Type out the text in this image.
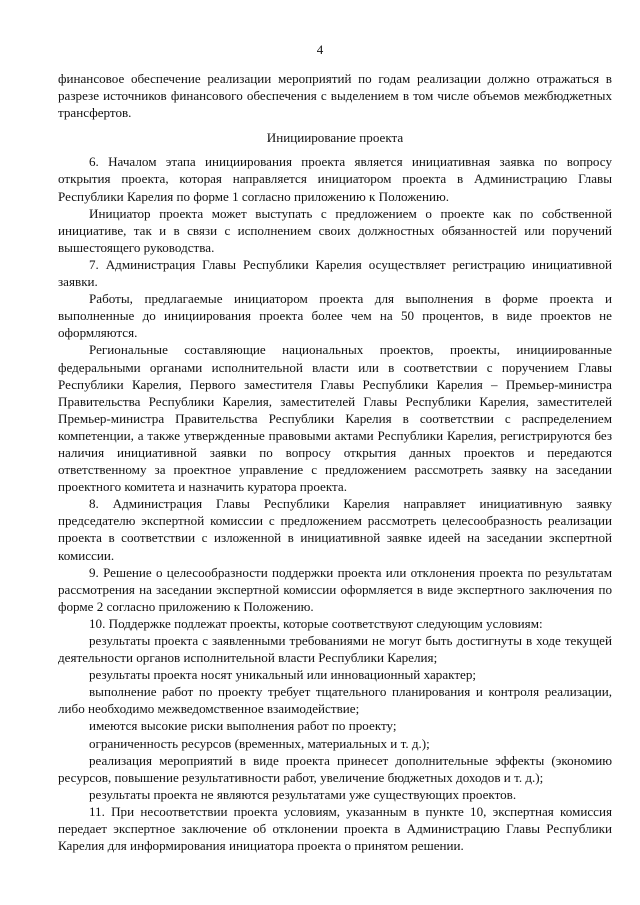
4

финансовое обеспечение реализации мероприятий по годам реализации должно отражаться в разрезе источников финансового обеспечения с выделением в том числе объемов межбюджетных трансфертов.

Инициирование проекта

6. Началом этапа инициирования проекта является инициативная заявка по вопросу открытия проекта, которая направляется инициатором проекта в Администрацию Главы Республики Карелия по форме 1 согласно приложению к Положению.

Инициатор проекта может выступать с предложением о проекте как по собственной инициативе, так и в связи с исполнением своих должностных обязанностей или поручений вышестоящего руководства.

7. Администрация Главы Республики Карелия осуществляет регистрацию инициативной заявки.

Работы, предлагаемые инициатором проекта для выполнения в форме проекта и выполненные до инициирования проекта более чем на 50 процентов, в виде проектов не оформляются.

Региональные составляющие национальных проектов, проекты, инициированные федеральными органами исполнительной власти или в соответствии с поручением Главы Республики Карелия, Первого заместителя Главы Республики Карелия – Премьер-министра Правительства Республики Карелия, заместителей Главы Республики Карелия, заместителей Премьер-министра Правительства Республики Карелия в соответствии с распределением компетенции, а также утвержденные правовыми актами Республики Карелия, регистрируются без наличия инициативной заявки по вопросу открытия данных проектов и передаются ответственному за проектное управление с предложением рассмотреть заявку на заседании проектного комитета и назначить куратора проекта.

8. Администрация Главы Республики Карелия направляет инициативную заявку председателю экспертной комиссии с предложением рассмотреть целесообразность реализации проекта в соответствии с изложенной в инициативной заявке идеей на заседании экспертной комиссии.

9. Решение о целесообразности поддержки проекта или отклонения проекта по результатам рассмотрения на заседании экспертной комиссии оформляется в виде экспертного заключения по форме 2 согласно приложению к Положению.

10. Поддержке подлежат проекты, которые соответствуют следующим условиям:

результаты проекта с заявленными требованиями не могут быть достигнуты в ходе текущей деятельности органов исполнительной власти Республики Карелия;

результаты проекта носят уникальный или инновационный характер;

выполнение работ по проекту требует тщательного планирования и контроля реализации, либо необходимо межведомственное взаимодействие;

имеются высокие риски выполнения работ по проекту;

ограниченность ресурсов (временных, материальных и т. д.);

реализация мероприятий в виде проекта принесет дополнительные эффекты (экономию ресурсов, повышение результативности работ, увеличение бюджетных доходов и т. д.);

результаты проекта не являются результатами уже существующих проектов.

11. При несоответствии проекта условиям, указанным в пункте 10, экспертная комиссия передает экспертное заключение об отклонении проекта в Администрацию Главы Республики Карелия для информирования инициатора проекта о принятом решении.
